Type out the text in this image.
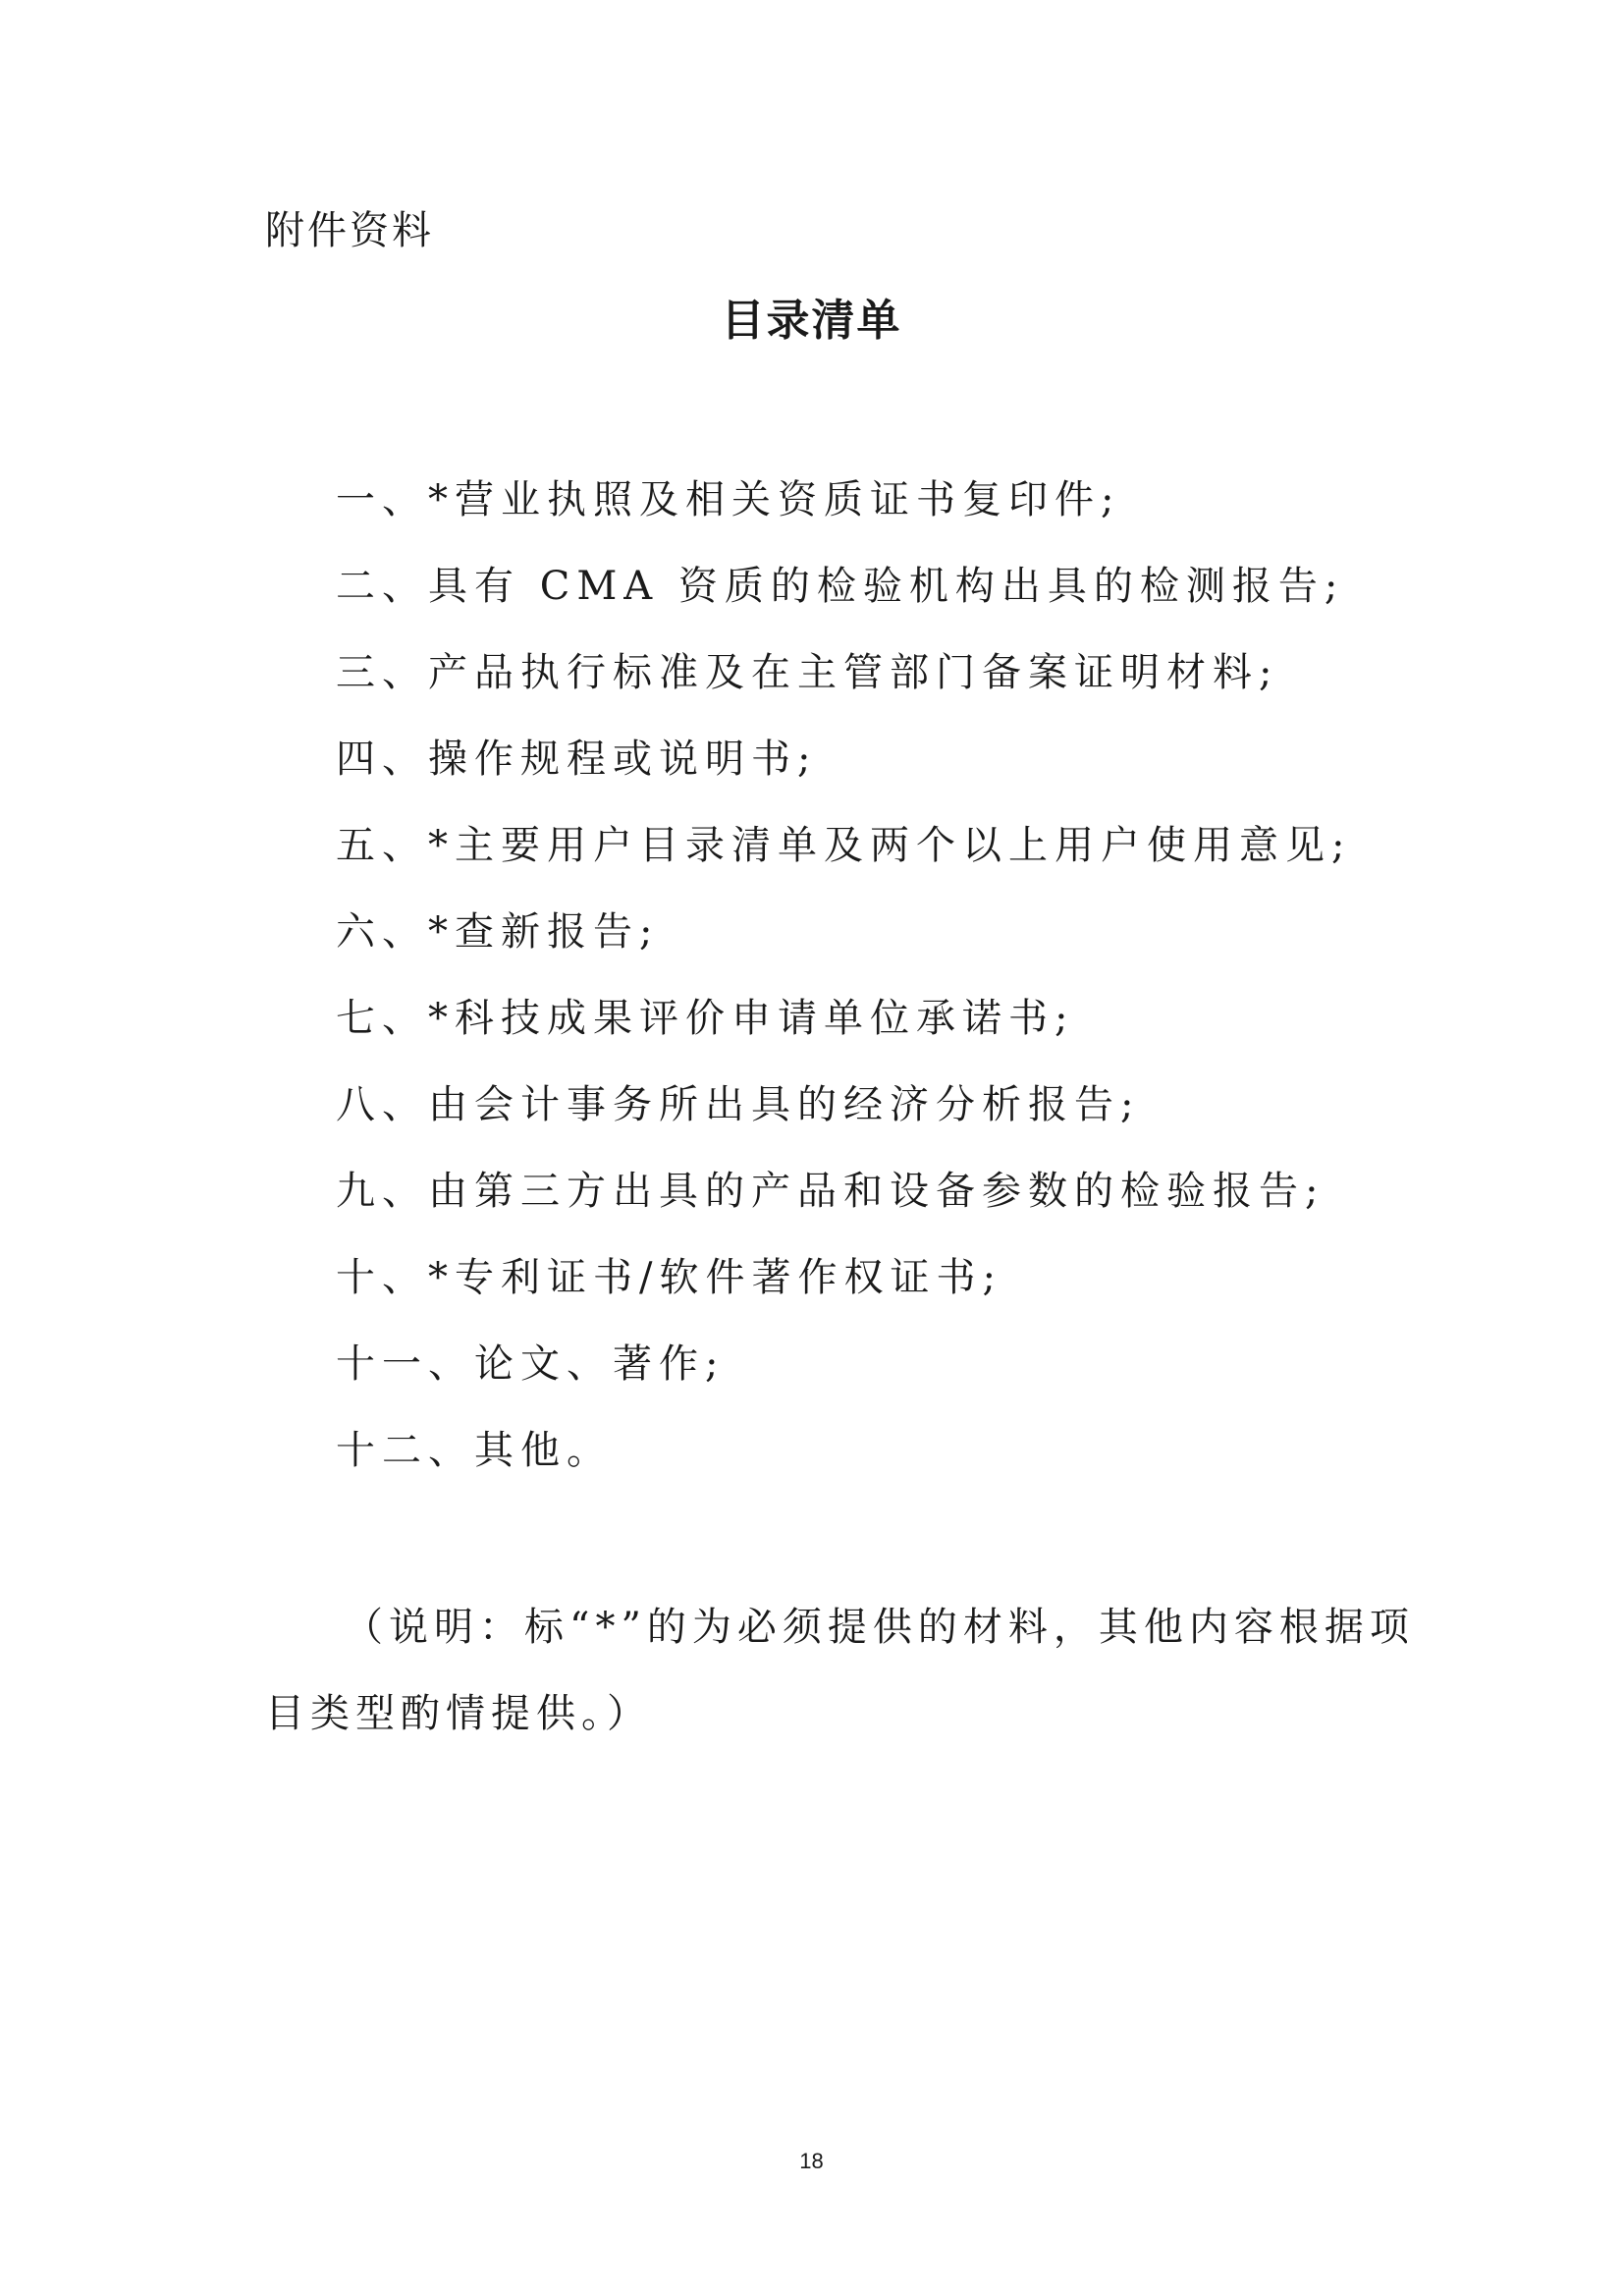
附件资料
目录清单
一、*营业执照及相关资质证书复印件;
二、具有 CMA 资质的检验机构出具的检测报告;
三、产品执行标准及在主管部门备案证明材料;
四、操作规程或说明书;
五、*主要用户目录清单及两个以上用户使用意见;
六、*查新报告;
七、*科技成果评价申请单位承诺书;
八、由会计事务所出具的经济分析报告;
九、由第三方出具的产品和设备参数的检验报告;
十、*专利证书/软件著作权证书;
十一、论文、著作;
十二、其他。

（说明：标“*”的为必须提供的材料，其他内容根据项目类型酌情提供。）

18
